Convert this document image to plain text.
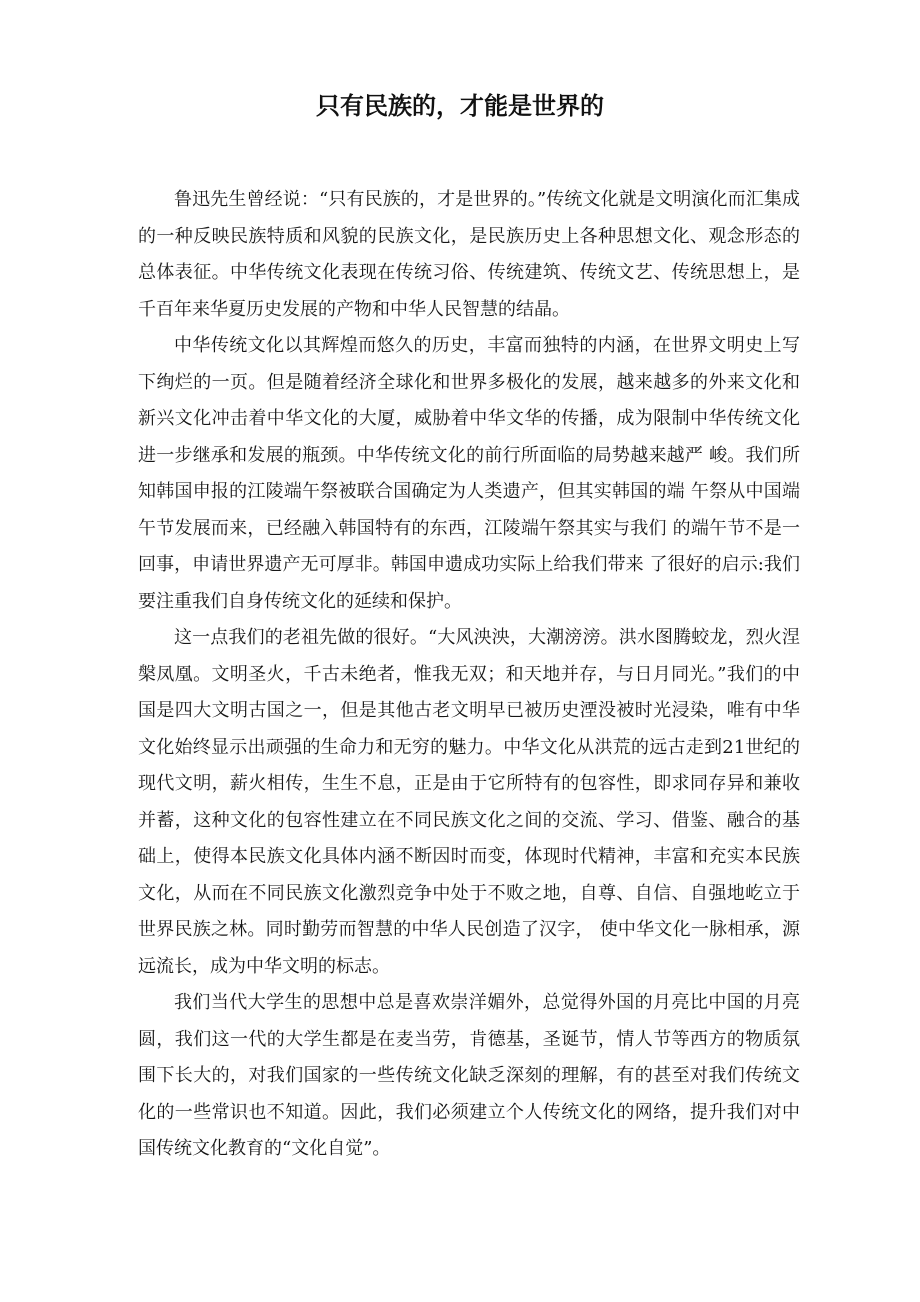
只有民族的，才能是世界的

鲁迅先生曾经说：“只有民族的，才是世界的。”传统文化就是文明演化而汇集成的一种反映民族特质和风貌的民族文化，是民族历史上各种思想文化、观念形态的总体表征。中华传统文化表现在传统习俗、传统建筑、传统文艺、传统思想上，是千百年来华夏历史发展的产物和中华人民智慧的结晶。

中华传统文化以其辉煌而悠久的历史，丰富而独特的内涵，在世界文明史上写下绚烂的一页。但是随着经济全球化和世界多极化的发展，越来越多的外来文化和新兴文化冲击着中华文化的大厦，威胁着中华文华的传播，成为限制中华传统文化进一步继承和发展的瓶颈。中华传统文化的前行所面临的局势越来越严 峻。我们所知韩国申报的江陵端午祭被联合国确定为人类遗产，但其实韩国的端 午祭从中国端午节发展而来，已经融入韩国特有的东西，江陵端午祭其实与我们 的端午节不是一回事，申请世界遗产无可厚非。韩国申遗成功实际上给我们带来 了很好的启示:我们要注重我们自身传统文化的延续和保护。

这一点我们的老祖先做的很好。“大风泱泱，大潮滂滂。洪水图腾蛟龙，烈火涅槃凤凰。文明圣火，千古未绝者，惟我无双；和天地并存，与日月同光。”我们的中国是四大文明古国之一，但是其他古老文明早已被历史湮没被时光浸染，唯有中华文化始终显示出顽强的生命力和无穷的魅力。中华文化从洪荒的远古走到21世纪的现代文明，薪火相传，生生不息，正是由于它所特有的包容性，即求同存异和兼收并蓄，这种文化的包容性建立在不同民族文化之间的交流、学习、借鉴、融合的基础上，使得本民族文化具体内涵不断因时而变，体现时代精神，丰富和充实本民族文化，从而在不同民族文化激烈竞争中处于不败之地，自尊、自信、自强地屹立于世界民族之林。同时勤劳而智慧的中华人民创造了汉字， 使中华文化一脉相承，源远流长，成为中华文明的标志。

我们当代大学生的思想中总是喜欢崇洋媚外，总觉得外国的月亮比中国的月亮圆，我们这一代的大学生都是在麦当劳，肯德基，圣诞节，情人节等西方的物质氛围下长大的，对我们国家的一些传统文化缺乏深刻的理解，有的甚至对我们传统文化的一些常识也不知道。因此，我们必须建立个人传统文化的网络，提升我们对中国传统文化教育的“文化自觉”。
